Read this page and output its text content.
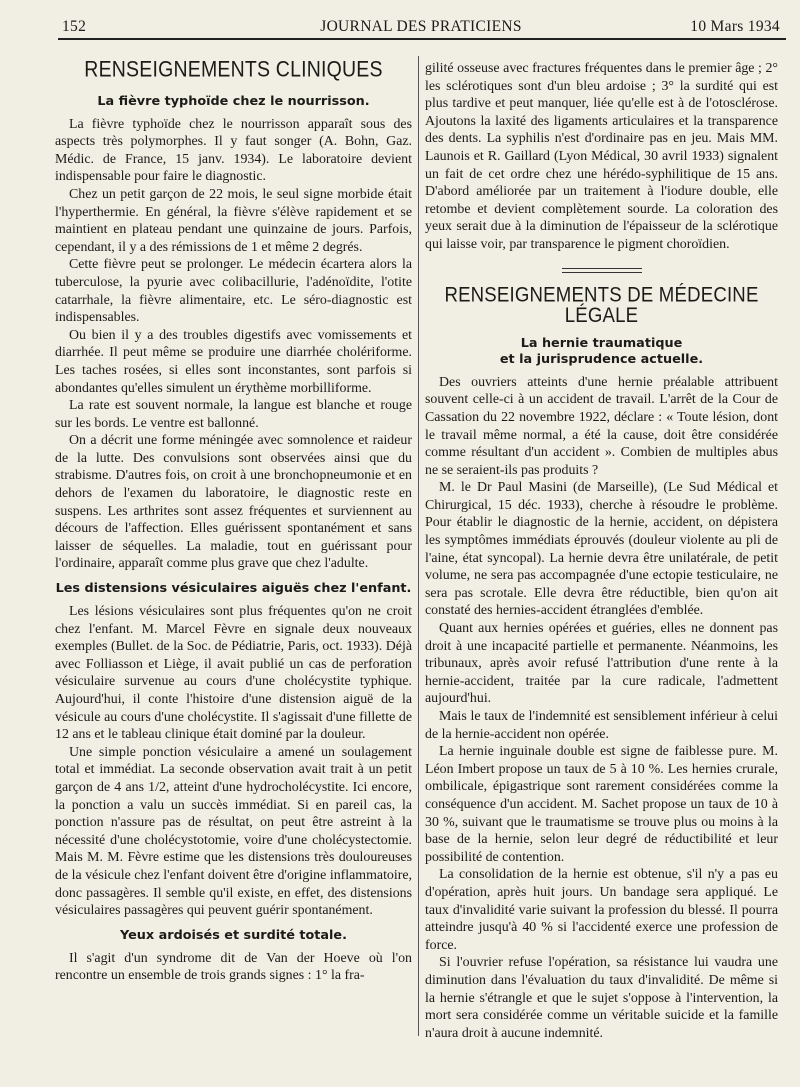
152	JOURNAL DES PRATICIENS	10 Mars 1934
RENSEIGNEMENTS CLINIQUES
La fièvre typhoïde chez le nourrisson.

La fièvre typhoïde chez le nourrisson apparaît sous des aspects très polymorphes. Il y faut songer (A. Bohn, Gaz. Médic. de France, 15 janv. 1934). Le laboratoire devient indispensable pour faire le diagnostic.

Chez un petit garçon de 22 mois, le seul signe morbide était l'hyperthermie. En général, la fièvre s'élève rapidement et se maintient en plateau pendant une quinzaine de jours. Parfois, cependant, il y a des rémissions de 1 et même 2 degrés.

Cette fièvre peut se prolonger. Le médecin écartera alors la tuberculose, la pyurie avec colibacillurie, l'adénoïdite, l'otite catarrhale, la fièvre alimentaire, etc. Le séro-diagnostic est indispensables.

Ou bien il y a des troubles digestifs avec vomissements et diarrhée. Il peut même se produire une diarrhée cholériforme. Les taches rosées, si elles sont inconstantes, sont parfois si abondantes qu'elles simulent un érythème morbilliforme.

La rate est souvent normale, la langue est blanche et rouge sur les bords. Le ventre est ballonné.

On a décrit une forme méningée avec somnolence et raideur de la lutte. Des convulsions sont observées ainsi que du strabisme. D'autres fois, on croit à une bronchopneumonie et en dehors de l'examen du laboratoire, le diagnostic reste en suspens. Les arthrites sont assez fréquentes et surviennent au décours de l'affection. Elles guérissent spontanément et sans laisser de séquelles. La maladie, tout en guérissant pour l'ordinaire, apparaît comme plus grave que chez l'adulte.

Les distensions vésiculaires aiguës chez l'enfant.

Les lésions vésiculaires sont plus fréquentes qu'on ne croit chez l'enfant. M. Marcel Fèvre en signale deux nouveaux exemples (Bullet. de la Soc. de Pédiatrie, Paris, oct. 1933). Déjà avec Folliasson et Liège, il avait publié un cas de perforation vésiculaire survenue au cours d'une cholécystite typhique. Aujourd'hui, il conte l'histoire d'une distension aiguë de la vésicule au cours d'une cholécystite. Il s'agissait d'une fillette de 12 ans et le tableau clinique était dominé par la douleur.

Une simple ponction vésiculaire a amené un soulagement total et immédiat. La seconde observation avait trait à un petit garçon de 4 ans 1/2, atteint d'une hydrocholécystite. Ici encore, la ponction a valu un succès immédiat. Si en pareil cas, la ponction n'assure pas de résultat, on peut être astreint à la nécessité d'une cholécystotomie, voire d'une cholécystectomie. Mais M. M. Fèvre estime que les distensions très douloureuses de la vésicule chez l'enfant doivent être d'origine inflammatoire, donc passagères. Il semble qu'il existe, en effet, des distensions vésiculaires passagères qui peuvent guérir spontanément.

Yeux ardoisés et surdité totale.

Il s'agit d'un syndrome dit de Van der Hoeve où l'on rencontre un ensemble de trois grands signes : 1° la fra-

gilité osseuse avec fractures fréquentes dans le premier âge ; 2° les sclérotiques sont d'un bleu ardoise ; 3° la surdité qui est plus tardive et peut manquer, liée qu'elle est à de l'otosclérose. Ajoutons la laxité des ligaments articulaires et la transparence des dents. La syphilis n'est d'ordinaire pas en jeu. Mais MM. Launois et R. Gaillard (Lyon Médical, 30 avril 1933) signalent un fait de cet ordre chez une hérédo-syphilitique de 15 ans. D'abord améliorée par un traitement à l'iodure double, elle retombe et devient complètement sourde. La coloration des yeux serait due à la diminution de l'épaisseur de la sclérotique qui laisse voir, par transparence le pigment choroïdien.

RENSEIGNEMENTS DE MÉDECINE LÉGALE
La hernie traumatique
et la jurisprudence actuelle.

Des ouvriers atteints d'une hernie préalable attribuent souvent celle-ci à un accident de travail. L'arrêt de la Cour de Cassation du 22 novembre 1922, déclare : « Toute lésion, dont le travail même normal, a été la cause, doit être considérée comme résultant d'un accident ». Combien de multiples abus ne se seraient-ils pas produits ?

M. le Dr Paul Masini (de Marseille), (Le Sud Médical et Chirurgical, 15 déc. 1933), cherche à résoudre le problème. Pour établir le diagnostic de la hernie, accident, on dépistera les symptômes immédiats éprouvés (douleur violente au pli de l'aine, état syncopal). La hernie devra être unilatérale, de petit volume, ne sera pas accompagnée d'une ectopie testiculaire, ne sera pas scrotale. Elle devra être réductible, bien qu'on ait constaté des hernies-accident étranglées d'emblée.

Quant aux hernies opérées et guéries, elles ne donnent pas droit à une incapacité partielle et permanente. Néanmoins, les tribunaux, après avoir refusé l'attribution d'une rente à la hernie-accident, traitée par la cure radicale, l'admettent aujourd'hui.

Mais le taux de l'indemnité est sensiblement inférieur à celui de la hernie-accident non opérée.

La hernie inguinale double est signe de faiblesse pure. M. Léon Imbert propose un taux de 5 à 10 %. Les hernies crurale, ombilicale, épigastrique sont rarement considérées comme la conséquence d'un accident. M. Sachet propose un taux de 10 à 30 %, suivant que le traumatisme se trouve plus ou moins à la base de la hernie, selon leur degré de réductibilité et leur possibilité de contention.

La consolidation de la hernie est obtenue, s'il n'y a pas eu d'opération, après huit jours. Un bandage sera appliqué. Le taux d'invalidité varie suivant la profession du blessé. Il pourra atteindre jusqu'à 40 % si l'accidenté exerce une profession de force.

Si l'ouvrier refuse l'opération, sa résistance lui vaudra une diminution dans l'évaluation du taux d'invalidité. De même si la hernie s'étrangle et que le sujet s'oppose à l'intervention, la mort sera considérée comme un véritable suicide et la famille n'aura droit à aucune indemnité.
